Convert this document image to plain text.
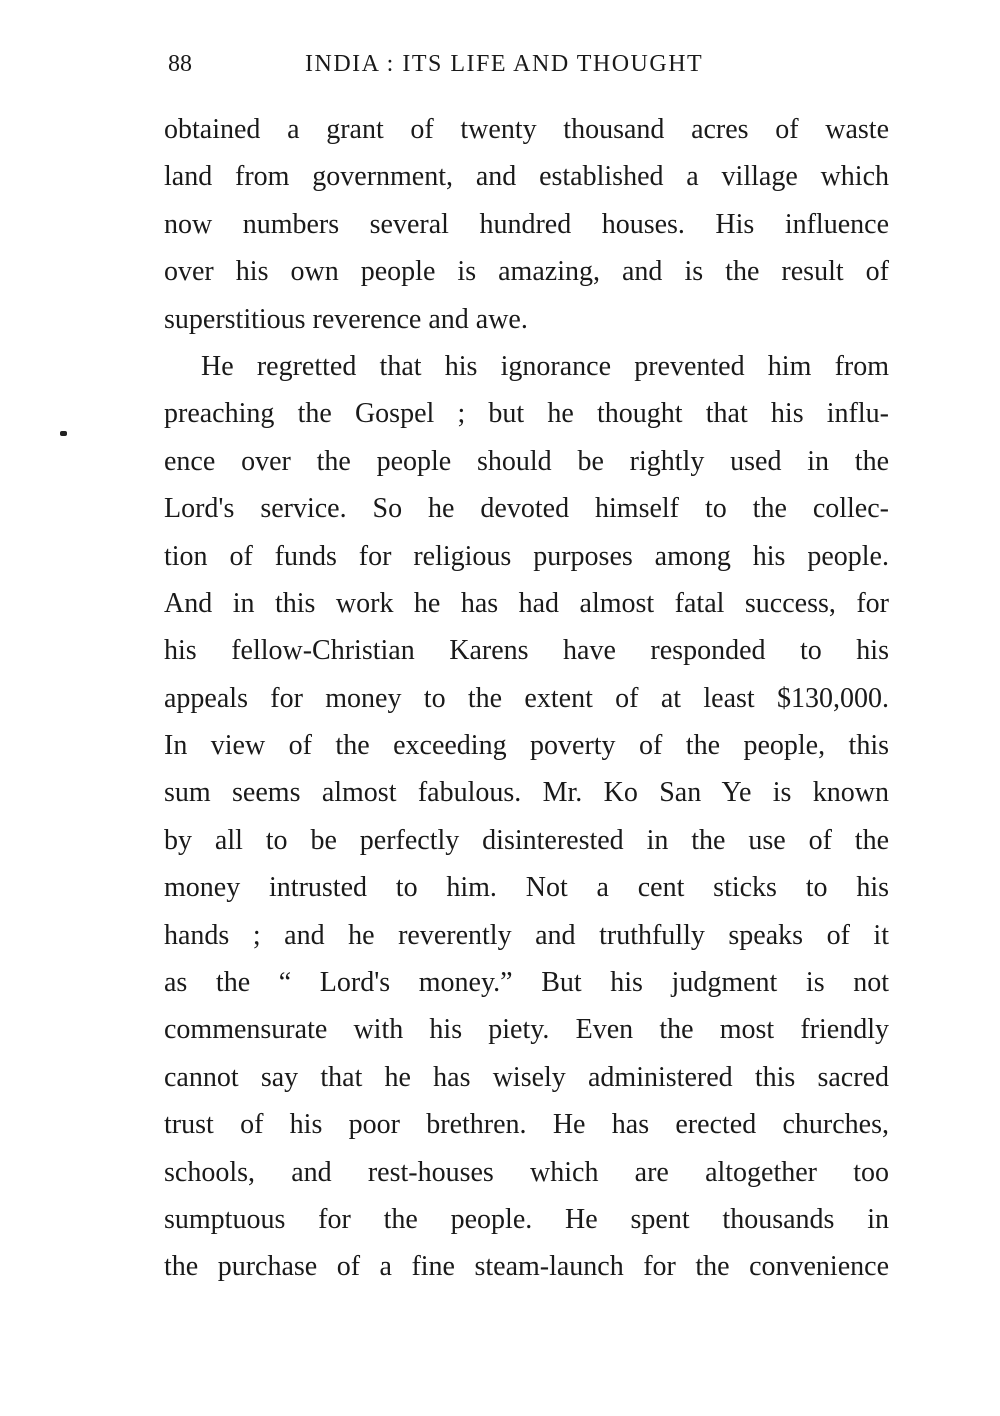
88	INDIA : ITS LIFE AND THOUGHT
obtained a grant of twenty thousand acres of waste
land from government, and established a village which
now numbers several hundred houses. His influence
over his own people is amazing, and is the result of
superstitious reverence and awe.
He regretted that his ignorance prevented him from
preaching the Gospel ; but he thought that his influ-
ence over the people should be rightly used in the
Lord's service. So he devoted himself to the collec-
tion of funds for religious purposes among his people.
And in this work he has had almost fatal success, for
his fellow-Christian Karens have responded to his
appeals for money to the extent of at least $130,000.
In view of the exceeding poverty of the people, this
sum seems almost fabulous. Mr. Ko San Ye is known
by all to be perfectly disinterested in the use of the
money intrusted to him. Not a cent sticks to his
hands ; and he reverently and truthfully speaks of it
as the “ Lord's money.” But his judgment is not
commensurate with his piety. Even the most friendly
cannot say that he has wisely administered this sacred
trust of his poor brethren. He has erected churches,
schools, and rest-houses which are altogether too
sumptuous for the people. He spent thousands in
the purchase of a fine steam-launch for the convenience
